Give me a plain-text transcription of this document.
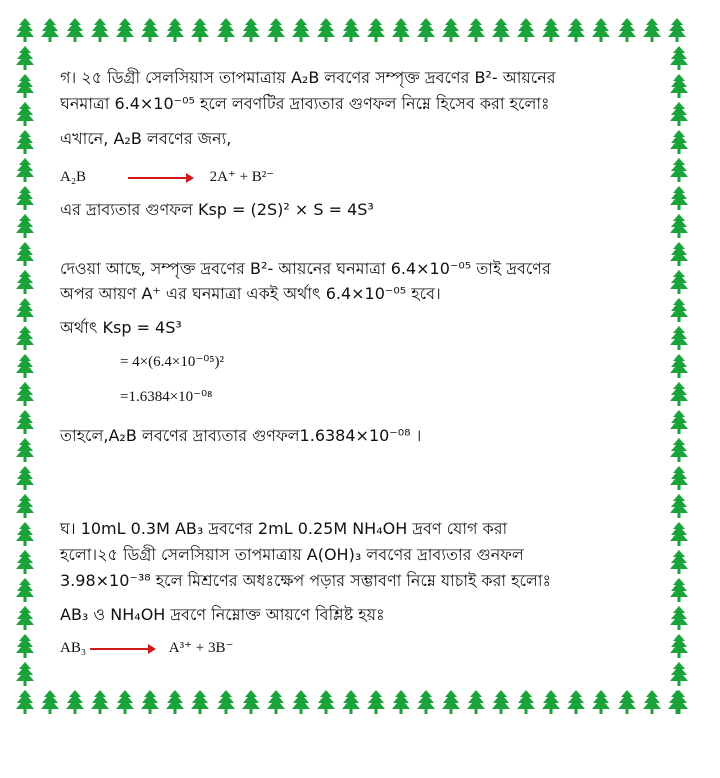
গ। ২৫ ডিগ্রী সেলসিয়াস তাপমাত্রায় A₂B লবণের সম্পৃক্ত দ্রবণের B²- আয়নের
ঘনমাত্রা 6.4×10⁻⁰⁵ হলে লবণটির দ্রাব্যতার গুণফল নিম্নে হিসেব করা হলোঃ
এখানে, A₂B লবণের জন্য,
A₂B	2A⁺ + B²⁻
এর দ্রাব্যতার গুণফল Ksp = (2S)² × S = 4S³
দেওয়া আছে, সম্পৃক্ত দ্রবণের B²- আয়নের ঘনমাত্রা 6.4×10⁻⁰⁵ তাই দ্রবণের
অপর আয়ণ A⁺ এর ঘনমাত্রা একই অর্থাৎ 6.4×10⁻⁰⁵ হবে।
অর্থাৎ Ksp = 4S³
= 4×(6.4×10⁻⁰⁵)²
=1.6384×10⁻⁰⁸
তাহলে,A₂B লবণের দ্রাব্যতার গুণফল1.6384×10⁻⁰⁸ ।
ঘ। 10mL 0.3M AB₃ দ্রবণের 2mL 0.25M NH₄OH দ্রবণ যোগ করা
হলো।২৫ ডিগ্রী সেলসিয়াস তাপমাত্রায় A(OH)₃ লবণের দ্রাব্যতার গুনফল
3.98×10⁻³⁸ হলে মিশ্রণের অধঃক্ষেপ পড়ার সম্ভাবণা নিম্নে যাচাই করা হলোঃ
AB₃ ও NH₄OH দ্রবণে নিম্নোক্ত আয়ণে বিশ্লিষ্ট হয়ঃ
AB₃	A³⁺ + 3B⁻
